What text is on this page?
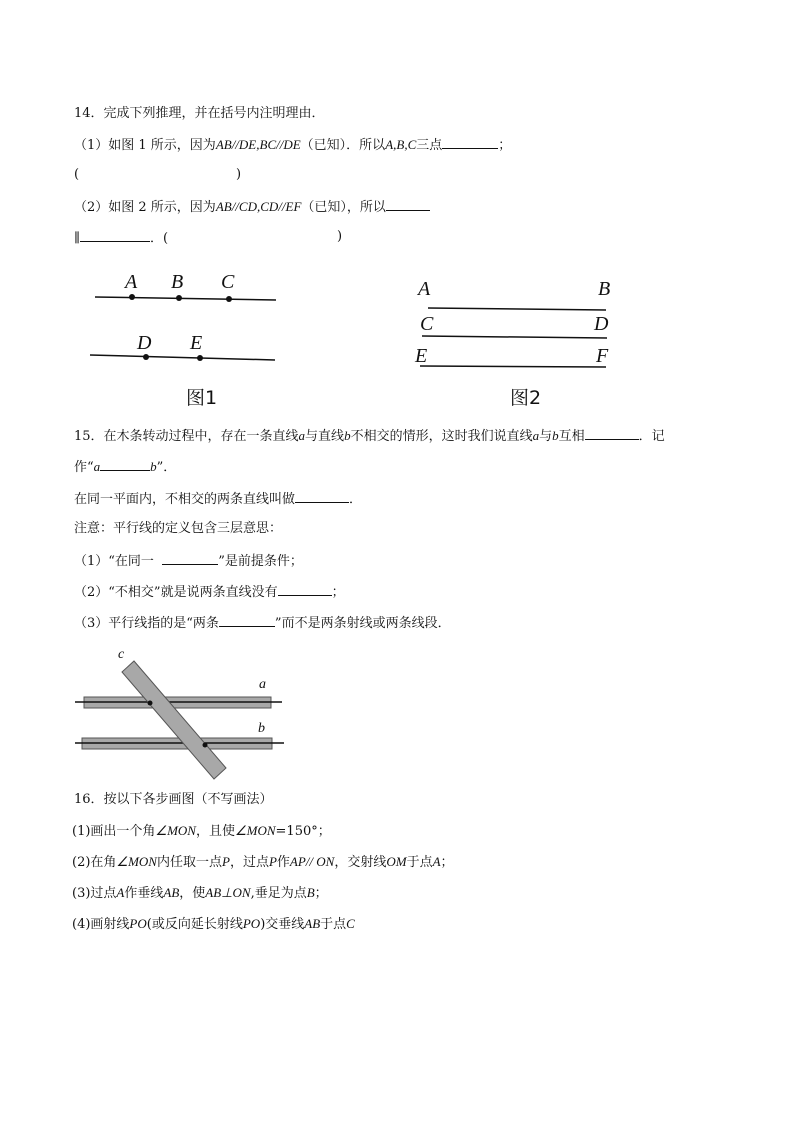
14．完成下列推理，并在括号内注明理由．
（1）如图 1 所示，因为AB//DE,BC//DE（已知）．所以A,B,C三点	；
(	)
（2）如图 2 所示，因为AB//CD,CD//EF（已知），所以
∥	．(	)
A B C
D E
图1
A	B
C	D
E	F
图2
c
a
b
15．在木条转动过程中，存在一条直线a与直线b不相交的情形，这时我们说直线a与b互相	．记
作“a	b”．
在同一平面内，不相交的两条直线叫做	．
注意：平行线的定义包含三层意思：
（1）“在同一	”是前提条件；
（2）“不相交”就是说两条直线没有	；
（3）平行线指的是“两条	”而不是两条射线或两条线段．
16．按以下各步画图（不写画法）
(1)画出一个角∠MON，且使∠MON=150°；
(2)在角∠MON内任取一点P，过点P作AP// ON，交射线OM于点A；
(3)过点A作垂线AB，使AB⊥ON,垂足为点B；
(4)画射线PO(或反向延长射线PO)交垂线AB于点C
